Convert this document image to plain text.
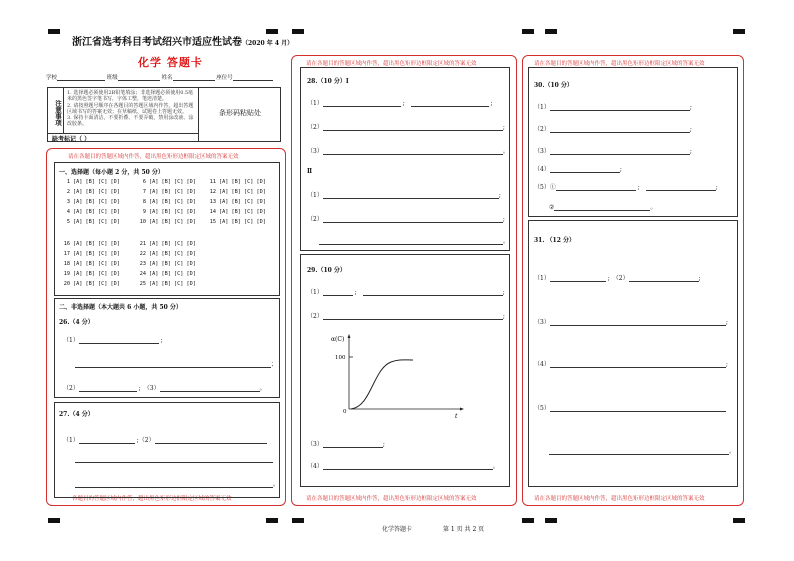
浙江省选考科目考试绍兴市适应性试卷（2020 年 4 月）
化学 答题卡
学校	班级	姓名	座位号
注意事项
1. 选择题必须使用2B铅笔填涂；非选择题必须使用0.5毫米的黑色签字笔书写，字体工整，笔迹清楚。
2. 请按照题号顺序在各题目的答题区域内作答，超出答题区域书写的答案无效；在草稿纸、试题卷上答题无效。
3. 保持卡面清洁，不要折叠、不要弄破，禁用涂改液、涂改胶条。
条形码粘贴处
缺考标记（ ）
请在各题目的答题区域内作答，超出黑色矩形边框限定区域的答案无效
各题目的答题区域内作答，超出黑色矩形边框限定区域的答案无效
一、选择题（每小题 2 分，共 50 分）
1 [A] [B] [C] [D]	6 [A] [B] [C] [D]	11 [A] [B] [C] [D]
2 [A] [B] [C] [D]	7 [A] [B] [C] [D]	12 [A] [B] [C] [D]
3 [A] [B] [C] [D]	8 [A] [B] [C] [D]	13 [A] [B] [C] [D]
4 [A] [B] [C] [D]	9 [A] [B] [C] [D]	14 [A] [B] [C] [D]
5 [A] [B] [C] [D]	10 [A] [B] [C] [D]	15 [A] [B] [C] [D]
16 [A] [B] [C] [D]	21 [A] [B] [C] [D]
17 [A] [B] [C] [D]	22 [A] [B] [C] [D]
18 [A] [B] [C] [D]	23 [A] [B] [C] [D]
19 [A] [B] [C] [D]	24 [A] [B] [C] [D]
20 [A] [B] [C] [D]	25 [A] [B] [C] [D]
二、非选择题（本大题共 6 小题，共 50 分）
26.（4 分）
（1）	;
；
（2）	;　（3）	。
27.（4 分）
（1）	;（2）
。
请在各题目的答题区域内作答，超出黑色矩形边框限定区域的答案无效
请在各题目的答题区域内作答，超出黑色矩形边框限定区域的答案无效
28.（10 分）Ⅰ
（1）	;　	;
（2）	;
（3）	。
Ⅱ
（1）	;
（2）	;
。
29.（10 分）
（1）	;　	;
（2）	;
α(C)
100
0
t
（3）	;
（4）	。
请在各题目的答题区域内作答，超出黑色矩形边框限定区域的答案无效
请在各题目的答题区域内作答，超出黑色矩形边框限定区域的答案无效
30.（10 分）
（1）	;
（2）	;
（3）	;
（4）	;
（5）①	;　	;
②	。
31. （12 分）
（1）	;　（2）	;
（3）	;
（4）	;
（5）
。
化学答题卡	第 1 页 共 2 页
